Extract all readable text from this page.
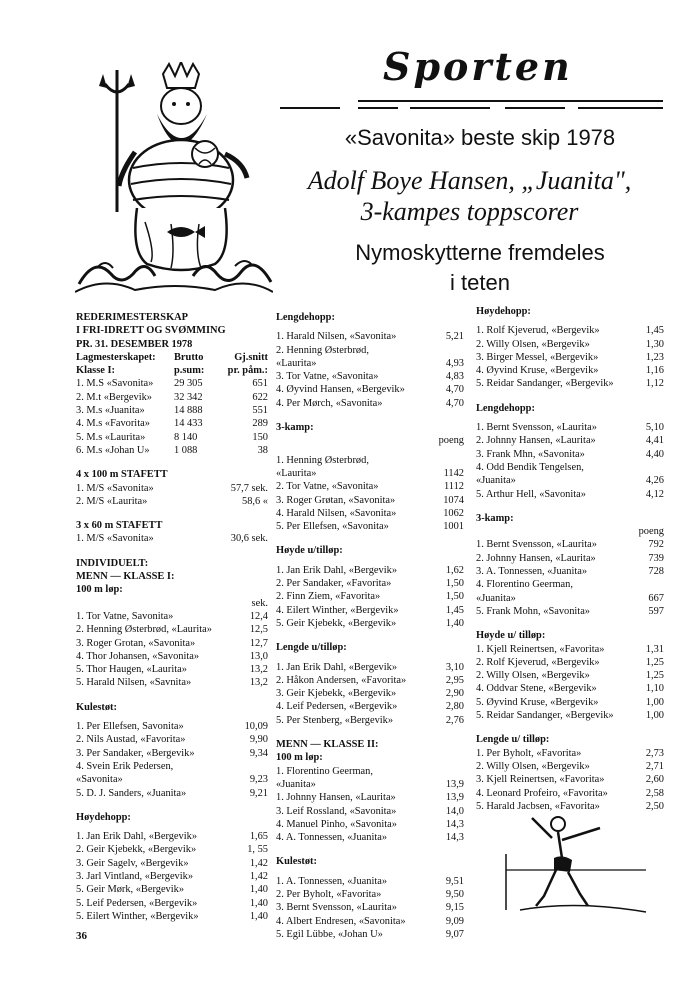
Sporten
«Savonita» beste skip 1978
Adolf Boye Hansen, „Juanita",
3-kampes toppscorer
Nymoskytterne fremdeles
i teten
REDERIMESTERSKAP
I FRI-IDRETT OG SVØMMING
PR. 31. DESEMBER 1978
Lagmesterskapet:	Brutto	Gj.snitt
Klasse I:	p.sum:	pr. påm.:
1. M.S «Savonita»	29 305	651
2. M.t «Bergevik»	32 342	622
3. M.s «Juanita»	14 888	551
4. M.s «Favorita»	14 433	289
5. M.s «Laurita»	8 140	150
6. M.s «Johan U»	1 088	38
4 x 100 m STAFETT
1. M/S «Savonita»	57,7 sek.
2. M/S «Laurita»	58,6 «
3 x 60 m STAFETT
1. M/S «Savonita»	30,6 sek.
INDIVIDUELT:
MENN — KLASSE I:
100 m løp:
sek.
1. Tor Vatne, Savonita»	12,4
2. Henning Østerbrød, «Laurita»	12,5
3. Roger Grotan, «Savonita»	12,7
4. Thor Johansen, «Savonita»	13,0
5. Thor Haugen, «Laurita»	13,2
5. Harald Nilsen, «Savnita»	13,2
Kulestøt:
1. Per Ellefsen, Savonita»	10,09
2. Nils Austad, «Favorita»	9,90
3. Per Sandaker, «Bergevik»	9,34
4. Svein Erik Pedersen,
«Savonita»	9,23
5. D. J. Sanders, «Juanita»	9,21
Høydehopp:
1. Jan Erik Dahl, «Bergevik»	1,65
2. Geir Kjebekk, «Bergevik»	1, 55
3. Geir Sagelv, «Bergevik»	1,42
3. Jarl Vintland, «Bergevik»	1,42
5. Geir Mørk, «Bergevik»	1,40
5. Leif Pedersen, «Bergevik»	1,40
5. Eilert Winther, «Bergevik»	1,40
Lengdehopp:
1. Harald Nilsen, «Savonita»	5,21
2. Henning Østerbrød,
«Laurita»	4,93
3. Tor Vatne, «Savonita»	4,83
4. Øyvind Hansen, «Bergevik»	4,70
4. Per Mørch, «Savonita»	4,70
3-kamp:
poeng
1. Henning Østerbrød,
«Laurita»	1142
2. Tor Vatne, «Savonita»	1112
3. Roger Grøtan, «Savonita»	1074
4. Harald Nilsen, «Savonita»	1062
5. Per Ellefsen, «Savonita»	1001
Høyde u/tilløp:
1. Jan Erik Dahl, «Bergevik»	1,62
2. Per Sandaker, «Favorita»	1,50
2. Finn Ziem, «Favorita»	1,50
4. Eilert Winther, «Bergevik»	1,45
5. Geir Kjebekk, «Bergevik»	1,40
Lengde u/tilløp:
1. Jan Erik Dahl, «Bergevik»	3,10
2. Håkon Andersen, «Favorita»	2,95
3. Geir Kjebekk, «Bergevik»	2,90
4. Leif Pedersen, «Bergevik»	2,80
5. Per Stenberg, «Bergevik»	2,76
MENN — KLASSE II:
100 m løp:
1. Florentino Geerman,
«Juanita»	13,9
1. Johnny Hansen, «Laurita»	13,9
3. Leif Rossland, «Savonita»	14,0
4. Manuel Pinho, «Savonita»	14,3
4. A. Tonnessen, «Juanita»	14,3
Kulestøt:
1. A. Tonnessen, «Juanita»	9,51
2. Per Byholt, «Favorita»	9,50
3. Bernt Svensson, «Laurita»	9,15
4. Albert Endresen, «Savonita»	9,09
5. Egil Lübbe, «Johan U»	9,07
Høydehopp:
1. Rolf Kjeverud, «Bergevik»	1,45
2. Willy Olsen, «Bergevik»	1,30
3. Birger Messel, «Bergevik»	1,23
4. Øyvind Kruse, «Bergevik»	1,16
5. Reidar Sandanger, «Bergevik»	1,12
Lengdehopp:
1. Bernt Svensson, «Laurita»	5,10
2. Johnny Hansen, «Laurita»	4,41
3. Frank Mhn, «Savonita»	4,40
4. Odd Bendik Tengelsen,
«Juanita»	4,26
5. Arthur Hell, «Savonita»	4,12
3-kamp:
poeng
1. Bernt Svensson, «Laurita»	792
2. Johnny Hansen, «Laurita»	739
3. A. Tonnessen, «Juanita»	728
4. Florentino Geerman,
«Juanita»	667
5. Frank Mohn, «Savonita»	597
Høyde u/ tilløp:
1. Kjell Reinertsen, «Favorita»	1,31
2. Rolf Kjeverud, «Bergevik»	1,25
2. Willy Olsen, «Bergevik»	1,25
4. Oddvar Stene, «Bergevik»	1,10
5. Øyvind Kruse, «Bergevik»	1,00
5. Reidar Sandanger, «Bergevik»	1,00
Lengde u/ tilløp:
1. Per Byholt, «Favorita»	2,73
2. Willy Olsen, «Bergevik»	2,71
3. Kjell Reinertsen, «Favorita»	2,60
4. Leonard Profeiro, «Favorita»	2,58
5. Harald Jacbsen, «Favorita»	2,50
36
